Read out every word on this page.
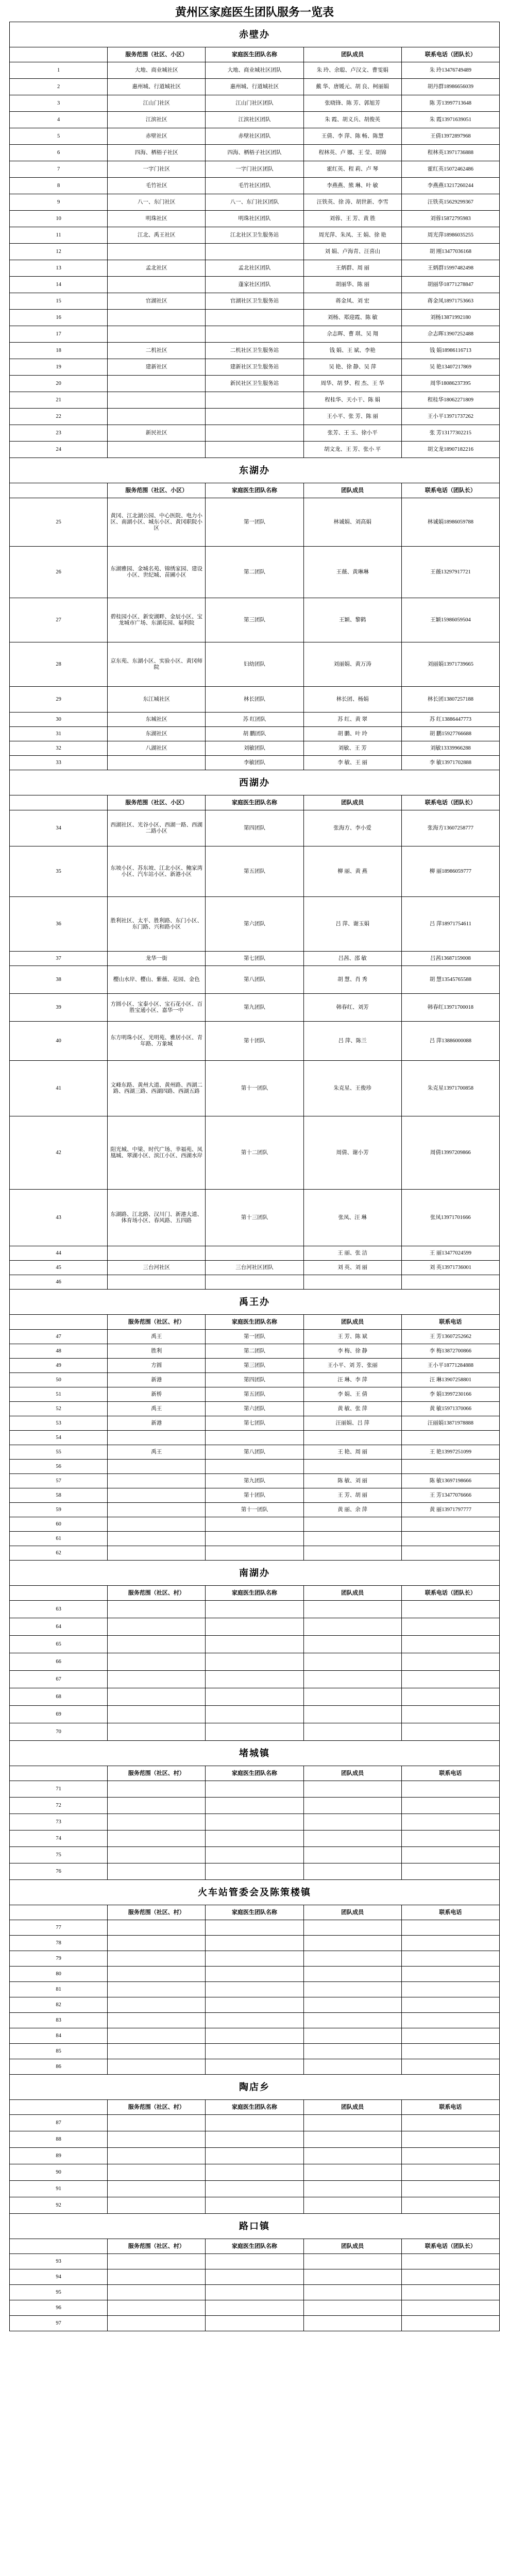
黄州区家庭医生团队服务一览表
赤壁办				
	服务范围（社区、小区）	家庭医生团队名称	团队成员	联系电话（团队长）
1	大地、商业城社区	大地、商业城社区团队	朱 玲、余聪、卢汉文、曹雯娟	朱 玲13476749489
2	惠州城、行道城社区	惠州城、行道城社区	戴 华、唐媛元、胡 良、柯丽娟	胡丹群18986656039
3	江山门社区	江山门社区团队	张晓锋、陈 芳、郭旭芳	陈 芳13997713648
4	江滨社区	江滨社区团队	朱 霞、胡义兵、胡俊英	朱 霞13971639051
5	赤壁社区	赤壁社区团队	王倩、李 萍、陈 畅、陈慧	王倩13972897968
6	四海、栖梧子社区	四海、栖梧子社区团队	程林英、卢 娜、王 莹、胡锦	程林英13971736888
7	一字门社区	一字门社区团队	霍红英、程 莉、卢 琴	霍红英15072462486
8	毛竹社区	毛竹社区团队	李燕燕、熊 琳、叶 敏	李燕燕13217260244
9	八一、东门社区	八一、东门社区团队	汪铁英、徐 涛、胡世新、李雪	汪铁英15629299367
10	明珠社区	明珠社区团队	刘蓉、王 芳、黄 胜	刘蓉15872795983
11	江北、禹王社区	江北社区卫生服务站	周光萍、朱凤、王 娟、徐 艳	周光萍18986035255
12			刘 娟、卢海青、汪喜山	胡 刚13477036168
13	孟北社区	孟北社区团队	王炳群、周 丽	王炳群15997482498
14		蓬家社区团队	胡丽华、陈 丽	胡丽华18771278847
15	官湖社区	官湖社区卫生服务站	蒋金凤、刘 宏	蒋金凤18971753663
16			刘杨、郑迎霞、陈 敏	刘杨13871992180
17			佘志晖、曹 琪、吴 翔	佘志晖13907252488
18	二机社区	二机社区卫生服务站	钱 娟、王 斌、李艳	钱 娟18986116713
19	建新社区	建新社区卫生服务站	吴 艳、徐 静、吴 萍	吴 艳13407217869
20		新民社区卫生服务站	周华、胡 梦、程 杰、王 华	周华18086237395
21			程桂华、天小干、陈 娟	程桂华18062271809
22			王小平、张 芳、陈 丽	王小平13971737262
23	新民社区		张芳、王 玉、徐小平	张 芳13177302215
24			胡文龙、王 芳、张小 平	胡文龙18907182216
东湖办				
	服务范围（社区、小区）	家庭医生团队名称	团队成员	联系电话（团队长）
25	黄冈、江北湖公园、中心医院、电力小区、南湖小区、城东小区、黄冈职院小区	第一团队	林诚娟、刘高娟	林诚娟18986059788
26	东湖雅园、金城名苑、锦绣家园、建设小区、世纪城、苗圃小区	第二团队	王薇、黄琳琳	王薇13297917721
27	碧桂园小区、新安湖畔、金辰小区、宝龙城市广场、东湖花园、福利院	第三团队	王颖、黎鹤	王颖15986059504
28	京东苑、东湖小区、实验小区、黄冈师院	妇幼团队	刘丽娟、黄万涛	刘丽娟13971739665
29	东江城社区	林长团队	林长团、杨娟	林长团13807257188
30	东城社区	苏 红团队	苏 红、黄 翠	苏 红13886447773
31	东湖社区	胡 鹏团队	胡 鹏、叶 玲	胡 鹏15927766688
32	八湖社区	刘敏团队	刘敏、王 芳	刘敏13339966288
33		李敏团队	李 敏、王 丽	李 敏13971702888
西湖办				
	服务范围（社区、小区）	家庭医生团队名称	团队成员	联系电话（团队长）
34	西湖社区、光谷小区、西湖一路、西湖二路小区	第四团队	张海方、李小爱	张海方13607258777
35	东坡小区、苏东坡、江北小区、鲍家湾小区、汽车站小区、新港小区	第五团队	柳 丽、黄 燕	柳 丽18986059777
36	胜利社区、太平、胜利路、东门小区、东门路、兴和路小区	第六团队	吕 萍、谢玉娟	吕 萍18971754611
37	龙华一街	第七团队	吕茜、邵 敏	吕茜13687159008
38	樱山水岸、樱山、紫薇、花园、金色	第八团队	胡 慧、肖 秀	胡 慧13545765588
39	方圆小区、宝泰小区、宝石花小区、百胜宝通小区、嘉华一中	第九团队	韩春红、刘芳	韩春红13971700018
40	东方明珠小区、光明苑、雅居小区、青年路、万象城	第十团队	吕 萍、陈兰	吕 萍13886000088
41	文峰东路、黄州大道、黄州路、西湖二路、西湖三路、西湖四路、西湖五路	第十一团队	朱克星、王俊珍	朱克星13971700858
42	阳光城、中梁、时代广场、幸福苑、凤凰城、翠湖小区、滨江小区、西湖水岸	第十二团队	周倩、谢小芳	周倩13997209866
43	东湖路、江北路、汉川门、新港大道、体育场小区、春风路、五四路	第十三团队	张凤、汪 琳	张凤13971701666
44			王 丽、张 洁	王 丽13477024599
45	三台河社区	三台河社区团队	刘 英、刘 丽	刘 英13971736001
46				
禹王办				
	服务范围（社区、村）	家庭医生团队名称	团队成员	联系电话
47	禹王	第一团队	王 芳、陈 斌	王 芳13607252662
48	胜利	第二团队	李 梅、徐 静	李 梅13872700866
49	方圆	第三团队	王小平、刘 芳、张丽	王小平18771284888
50	新港	第四团队	汪 琳、李 萍	汪 琳13907258801
51	新桥	第五团队	李 娟、王 倩	李 娟13997230166
52	禹王	第六团队	黄 敏、张 萍	黄 敏15971370066
53	新港	第七团队	汪丽娟、吕 萍	汪丽娟13871978888
54				
55	禹王	第八团队	王 艳、周 丽	王 艳13997251099
56				
57		第九团队	陈 敏、刘 丽	陈 敏13697198666
58		第十团队	王 芳、胡 丽	王 芳13477076666
59		第十一团队	黄 丽、余 萍	黄 丽13971797777
60				
61				
62				
南湖办				
	服务范围（社区、村）	家庭医生团队名称	团队成员	联系电话（团队长）
63				
64				
65				
66				
67				
68				
69				
70				
堵城镇				
	服务范围（社区、村）	家庭医生团队名称	团队成员	联系电话
71				
72				
73				
74				
75				
76				
火车站管委会及陈策楼镇				
	服务范围（社区、村）	家庭医生团队名称	团队成员	联系电话
77				
78				
79				
80				
81				
82				
83				
84				
85				
86				
陶店乡				
	服务范围（社区、村）	家庭医生团队名称	团队成员	联系电话
87				
88				
89				
90				
91				
92				
路口镇				
	服务范围（社区、村）	家庭医生团队名称	团队成员	联系电话（团队长）
93				
94				
95				
96				
97				
